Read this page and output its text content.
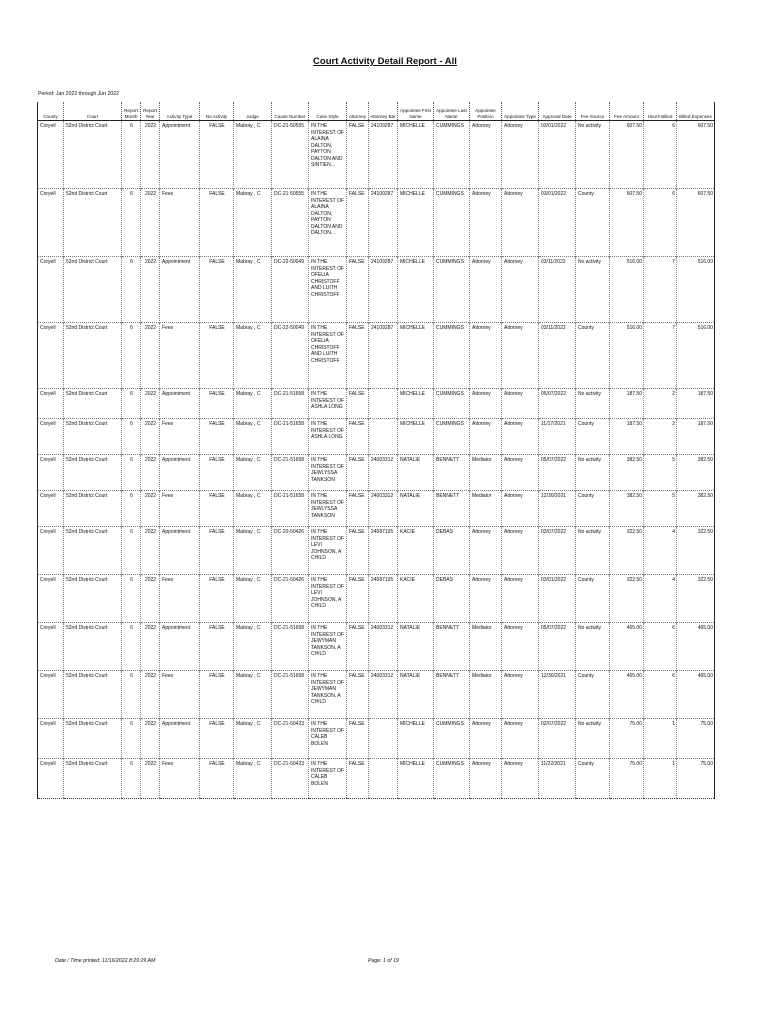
Court Activity Detail Report - All
Period: Jan 2022 through Jun 2022
County	Court	Report Month	Report Year	Activity Type	No Activity	Judge	Cause Number	Case Style	Attorney	Attorney Bar	Appointee First Name	Appointee Last Name	Appointee Position	Appointee Type	Approval Date	Fee Source	Fee Amount	Hours Billed	Billed Expenses
Coryell	52nd District Court	6	2022	Appointment	FALSE	Mabray , C	DC-21-50555	IN THE INTEREST OF ALAINA DALTON, PAYTON DALTON AND SINTIEN...	FALSE	24109287	MICHELLE	CUMMINGS	Attorney	Attorney	03/01/2022	No activity	607.50	6	607.50
Coryell	52nd District Court	6	2022	Fees	FALSE	Mabray , C	DC-21-50555	IN THE INTEREST OF ALAINA DALTON, PAYTON DALTON AND DALTON...	FALSE	24109287	MICHELLE	CUMMINGS	Attorney	Attorney	03/01/2022	County	607.50	6	607.50
Coryell	52nd District Court	6	2022	Appointment	FALSE	Mabray , C	DC-22-50049	IN THE INTEREST OF OFELIA CHRISTOFF AND LUITH CHRISTOFF	FALSE	24109287	MICHELLE	CUMMINGS	Attorney	Attorney	03/11/2022	No activity	516.00	7	516.00
Coryell	52nd District Court	6	2022	Fees	FALSE	Mabray , C	DC-22-50049	IN THE INTEREST OF OFELIA CHRISTOFF AND LUITH CHRISTOFF	FALSE	24109287	MICHELLE	CUMMINGS	Attorney	Attorney	03/11/2022	County	516.00	7	516.00
Coryell	52nd District Court	6	2022	Appointment	FALSE	Mabray , C	DC-21-51658	IN THE INTEREST OF ASHLA LONG	FALSE		MICHELLE	CUMMINGS	Attorney	Attorney	05/07/2022	No activity	187.50	2	187.50
Coryell	52nd District Court	6	2022	Fees	FALSE	Mabray , C	DC-21-51658	IN THE INTEREST OF ASHLA LONG	FALSE		MICHELLE	CUMMINGS	Attorney	Attorney	11/17/2021	County	187.50	2	187.50
Coryell	52nd District Court	6	2022	Appointment	FALSE	Mabray , C	DC-21-51658	IN THE INTEREST OF JEWLYSSA TANKSON	FALSE	24003312	NATALIE	BENNETT	Mediator	Attorney	05/07/2022	No activity	382.50	5	382.50
Coryell	52nd District Court	6	2022	Fees	FALSE	Mabray , C	DC-21-51658	IN THE INTEREST OF JEWLYSSA TANKSON	FALSE	24003312	NATALIE	BENNETT	Mediator	Attorney	12/30/2021	County	382.50	5	382.50
Coryell	52nd District Court	6	2022	Appointment	FALSE	Mabray , C	DC-20-50426	IN THE INTEREST OF LEVI JOHNSON, A CHILD	FALSE	24087195	KACIE	DEBAS	Attorney	Attorney	03/07/2022	No activity	322.50	4	322.50
Coryell	52nd District Court	6	2022	Fees	FALSE	Mabray , C	DC-21-50426	IN THE INTEREST OF LEVI JOHNSON, A CHILD	FALSE	24087195	KACIE	DEBAS	Attorney	Attorney	03/01/2022	County	322.50	4	322.50
Coryell	52nd District Court	6	2022	Appointment	FALSE	Mabray , C	DC-21-51658	IN THE INTEREST OF JEWYMAN TANKSON, A CHILD	FALSE	24003312	NATALIE	BENNETT	Mediator	Attorney	05/07/2022	No activity	465.00	6	465.00
Coryell	52nd District Court	6	2022	Fees	FALSE	Mabray , C	DC-21-51658	IN THE INTEREST OF JEWYMAN TANKSON, A CHILD	FALSE	24003312	NATALIE	BENNETT	Mediator	Attorney	12/30/2021	County	465.00	6	465.00
Coryell	52nd District Court	6	2022	Appointment	FALSE	Mabray , C	DC-21-50423	IN THE INTEREST OF CALEB BOLEN	FALSE		MICHELLE	CUMMINGS	Attorney	Attorney	02/07/2022	No activity	75.00	1	75.00
Coryell	52nd District Court	6	2022	Fees	FALSE	Mabray , C	DC-21-50423	IN THE INTEREST OF CALEB BOLEN	FALSE		MICHELLE	CUMMINGS	Attorney	Attorney	11/22/2021	County	75.00	1	75.00
Date / Time printed: 11/16/2022 8:29:29 AM	Page: 1 of 19
